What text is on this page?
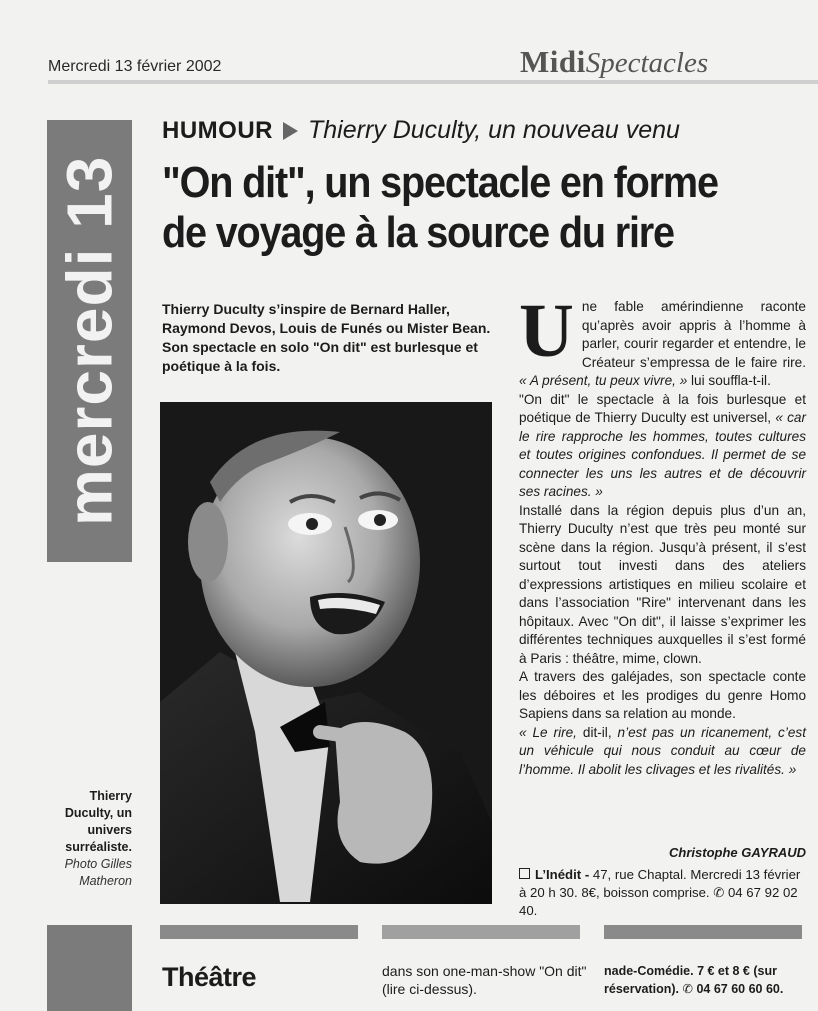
Mercredi 13 février 2002	MidiSpectacles
mercredi 13
HUMOUR Thierry Duculty, un nouveau venu
"On dit", un spectacle en forme
de voyage à la source du rire
Thierry Duculty s’inspire de Bernard Haller, Raymond Devos, Louis de Funés ou Mister Bean. Son spectacle en solo "On dit" est burlesque et poétique à la fois.
Thierry Duculty, un univers surréaliste.
Photo Gilles Matheron

Une fable amérindienne raconte qu’après avoir appris à l’homme à parler, courir regarder et entendre, le Créateur s’empressa de le faire rire. « A présent, tu peux vivre, » lui souffla-t-il.

"On dit" le spectacle à la fois burlesque et poétique de Thierry Duculty est universel, « car le rire rapproche les hommes, toutes cultures et toutes origines confondues. Il permet de se connecter les uns les autres et de découvrir ses racines. »

Installé dans la région depuis plus d’un an, Thierry Duculty n’est que très peu monté sur scène dans la région. Jusqu’à présent, il s’est surtout tout investi dans des ateliers d’expressions artistiques en milieu scolaire et dans l’association "Rire" intervenant dans les hôpitaux. Avec "On dit", il laisse s’exprimer les différentes techniques auxquelles il s’est formé à Paris : théâtre, mime, clown.

A travers des galéjades, son spectacle conte les déboires et les prodiges du genre Homo Sapiens dans sa relation au monde.

« Le rire, dit-il, n’est pas un ricanement, c’est un véhicule qui nous conduit au cœur de l’homme. Il abolit les clivages et les rivalités. »

Christophe GAYRAUD
L’Inédit - 47, rue Chaptal. Mercredi 13 février à 20 h 30. 8€, boisson comprise. ✆ 04 67 92 02 40.
Théâtre	dans son one-man-show "On dit" (lire ci-dessus).
nade-Comédie. 7 € et 8 € (sur réservation). ✆ 04 67 60 60 60.
